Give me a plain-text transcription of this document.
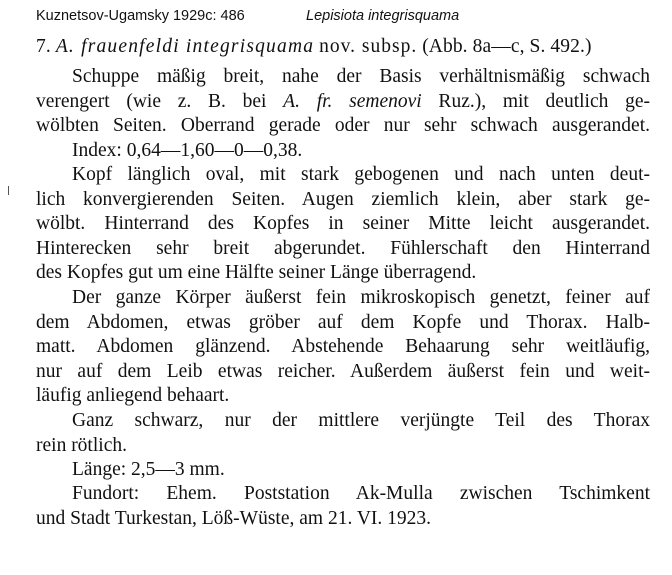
Kuznetsov-Ugamsky 1929c: 486	Lepisiota integrisquama
7. A. frauenfeldi integrisquama nov. subsp. (Abb. 8a—c, S. 492.)
Schuppe mäßig breit, nahe der Basis verhältnismäßig schwach
verengert (wie z. B. bei A. fr. semenovi Ruz.), mit deutlich ge-
wölbten Seiten. Oberrand gerade oder nur sehr schwach ausgerandet.
Index: 0,64—1,60—0—0,38.
Kopf länglich oval, mit stark gebogenen und nach unten deut-
lich konvergierenden Seiten. Augen ziemlich klein, aber stark ge-
wölbt. Hinterrand des Kopfes in seiner Mitte leicht ausgerandet.
Hinterecken sehr breit abgerundet. Fühlerschaft den Hinterrand
des Kopfes gut um eine Hälfte seiner Länge überragend.
Der ganze Körper äußerst fein mikroskopisch genetzt, feiner auf
dem Abdomen, etwas gröber auf dem Kopfe und Thorax. Halb-
matt. Abdomen glänzend. Abstehende Behaarung sehr weitläufig,
nur auf dem Leib etwas reicher. Außerdem äußerst fein und weit-
läufig anliegend behaart.
Ganz schwarz, nur der mittlere verjüngte Teil des Thorax
rein rötlich.
Länge: 2,5—3 mm.
Fundort: Ehem. Poststation Ak-Mulla zwischen Tschimkent
und Stadt Turkestan, Löß-Wüste, am 21. VI. 1923.
